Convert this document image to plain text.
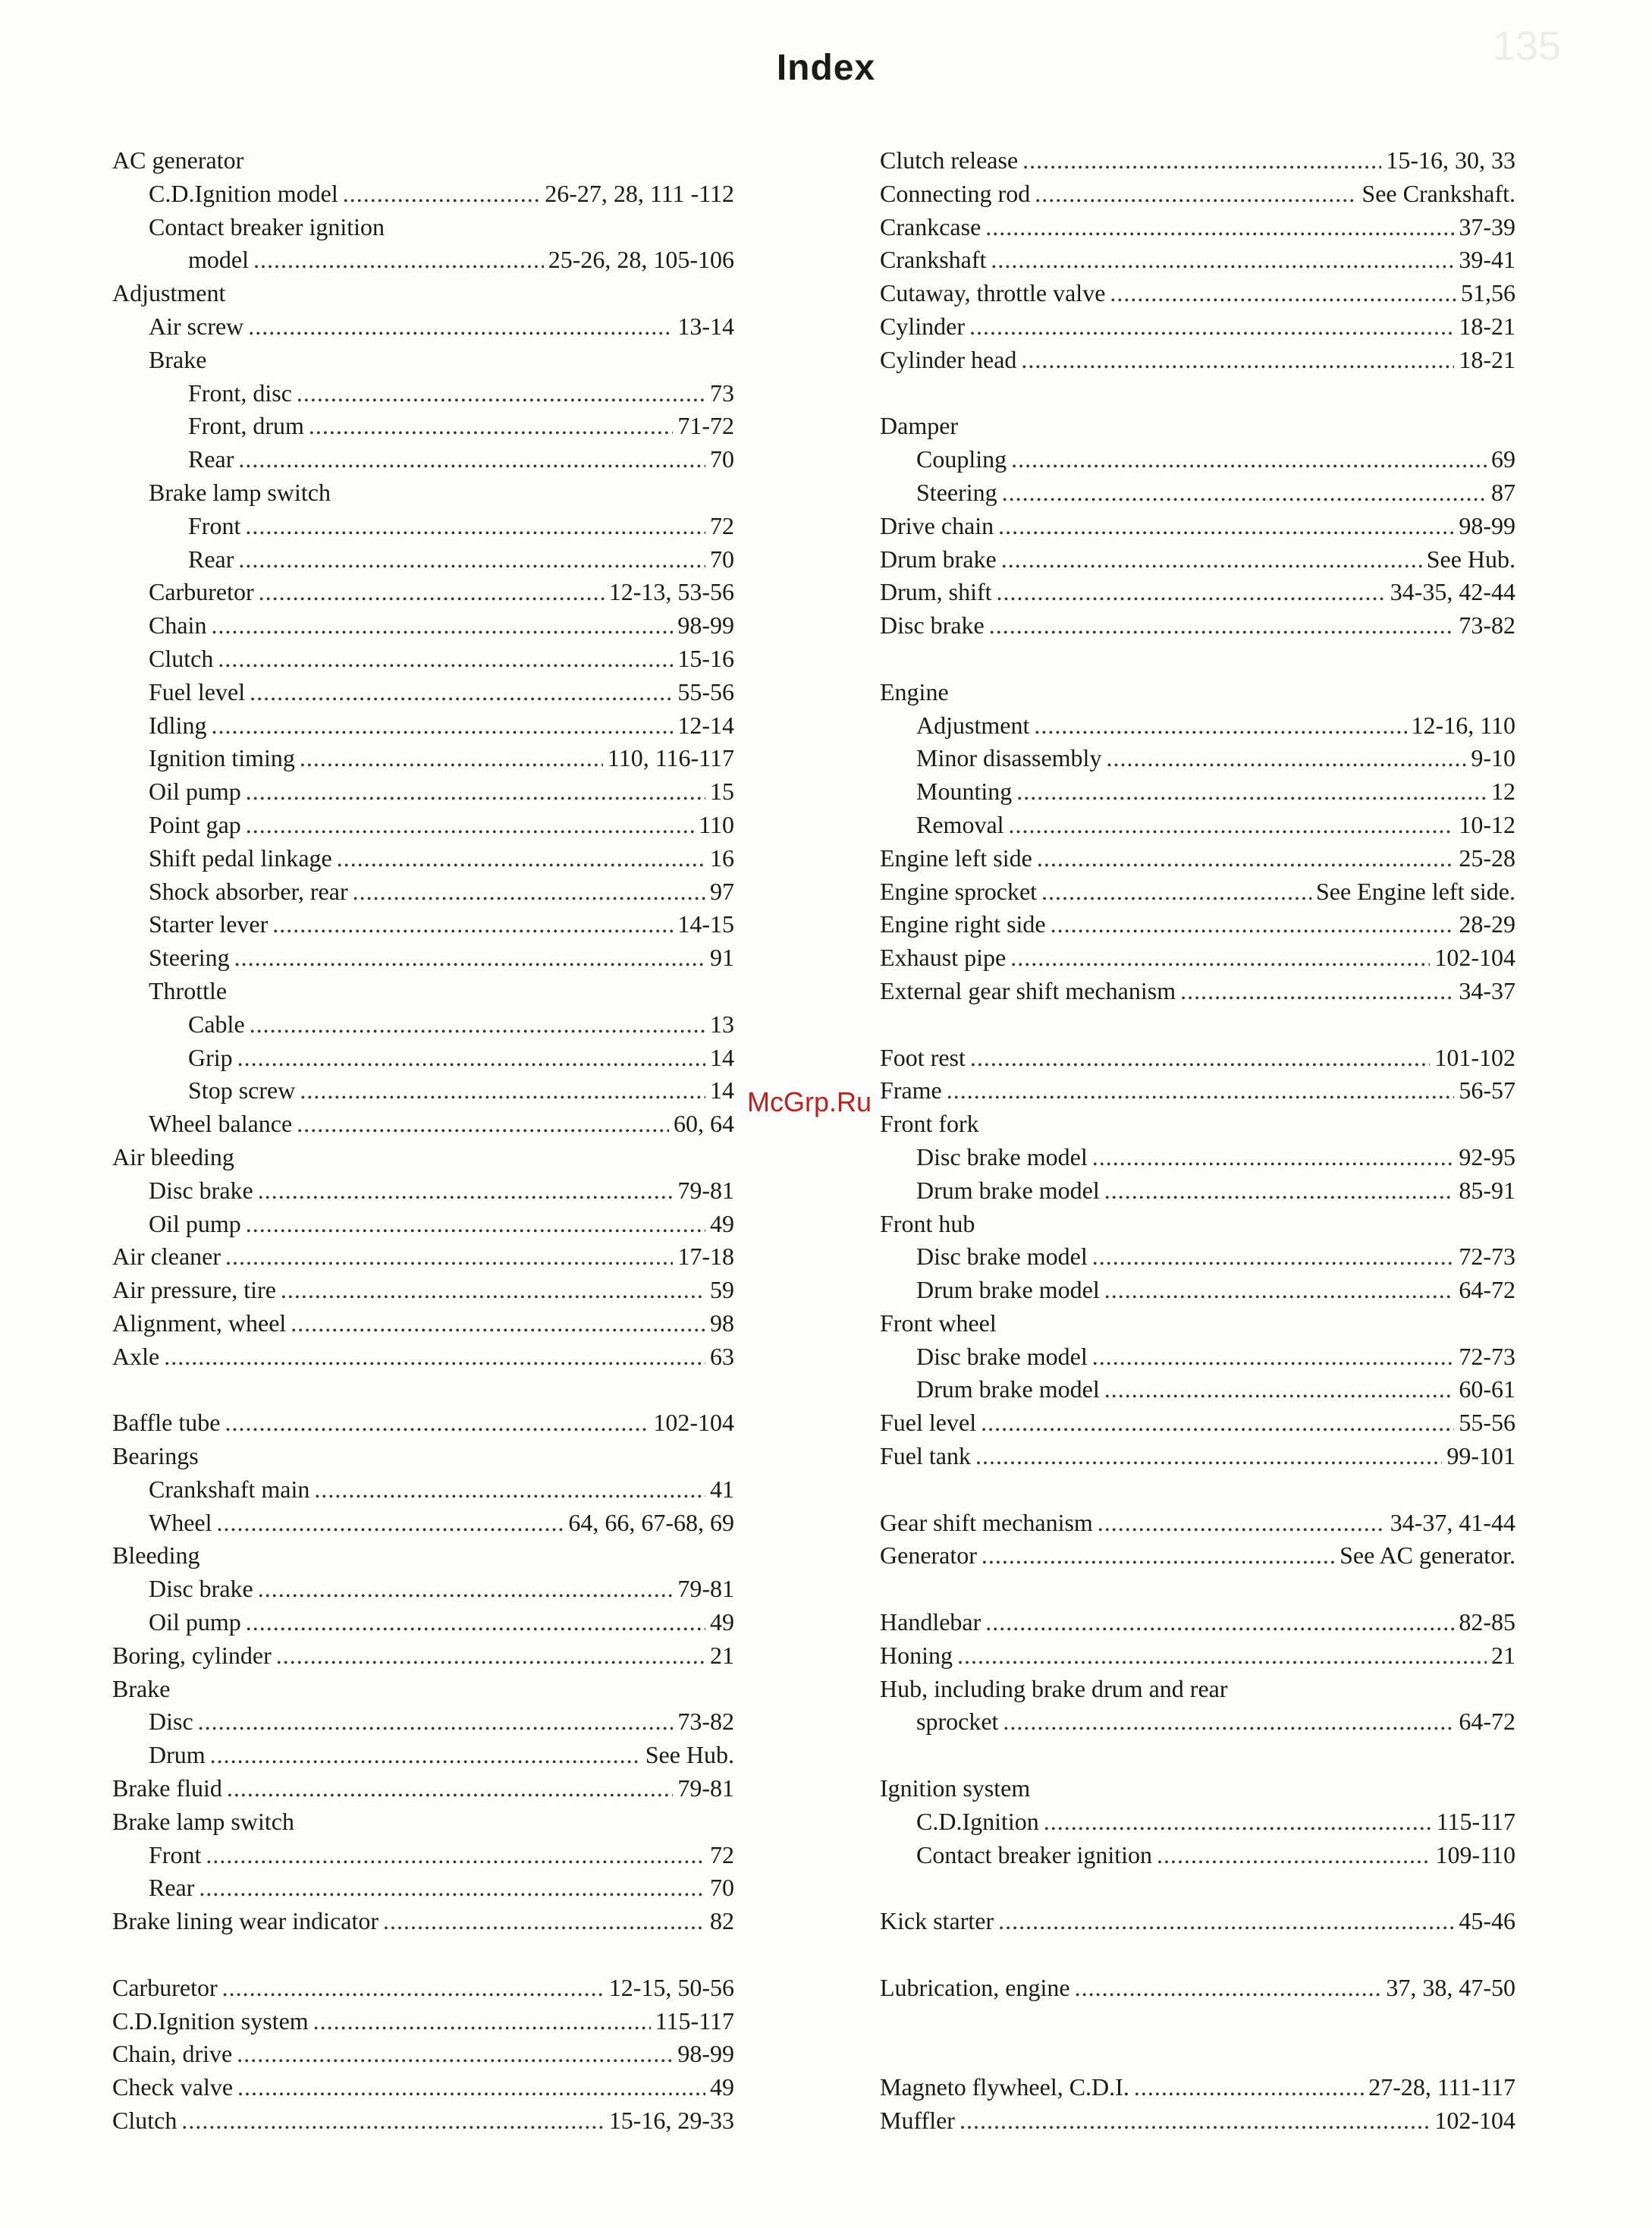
135
Index
AC generator
C.D.Ignition model .....	26-27, 28, 111 -112
Contact breaker ignition
model .....	25-26, 28, 105-106
Adjustment
Air screw .....	13-14
Brake
Front, disc .....	73
Front, drum .....	71-72
Rear .....	70
Brake lamp switch
Front .....	72
Rear .....	70
Carburetor .....	12-13, 53-56
Chain .....	98-99
Clutch .....	15-16
Fuel level .....	55-56
Idling .....	12-14
Ignition timing .....	110, 116-117
Oil pump .....	15
Point gap .....	110
Shift pedal linkage .....	16
Shock absorber, rear .....	97
Starter lever .....	14-15
Steering .....	91
Throttle
Cable .....	13
Grip .....	14
Stop screw .....	14
Wheel balance .....	60, 64
Air bleeding
Disc brake .....	79-81
Oil pump .....	49
Air cleaner .....	17-18
Air pressure, tire .....	59
Alignment, wheel .....	98
Axle .....	63
Baffle tube .....	102-104
Bearings
Crankshaft main .....	41
Wheel .....	64, 66, 67-68, 69
Bleeding
Disc brake .....	79-81
Oil pump .....	49
Boring, cylinder .....	21
Brake
Disc .....	73-82
Drum .....	See Hub.
Brake fluid .....	79-81
Brake lamp switch
Front .....	72
Rear .....	70
Brake lining wear indicator .....	82
Carburetor .....	12-15, 50-56
C.D.Ignition system .....	115-117
Chain, drive .....	98-99
Check valve .....	49
Clutch .....	15-16, 29-33
Clutch release .....	15-16, 30, 33
Connecting rod .....	See Crankshaft.
Crankcase .....	37-39
Crankshaft .....	39-41
Cutaway, throttle valve .....	51,56
Cylinder .....	18-21
Cylinder head .....	18-21
Damper
Coupling .....	69
Steering .....	87
Drive chain .....	98-99
Drum brake .....	See Hub.
Drum, shift .....	34-35, 42-44
Disc brake .....	73-82
Engine
Adjustment .....	12-16, 110
Minor disassembly .....	9-10
Mounting .....	12
Removal .....	10-12
Engine left side .....	25-28
Engine sprocket .....	See Engine left side.
Engine right side .....	28-29
Exhaust pipe .....	102-104
External gear shift mechanism .....	34-37
Foot rest .....	101-102
Frame .....	56-57
Front fork
Disc brake model .....	92-95
Drum brake model .....	85-91
Front hub
Disc brake model .....	72-73
Drum brake model .....	64-72
Front wheel
Disc brake model .....	72-73
Drum brake model .....	60-61
Fuel level .....	55-56
Fuel tank .....	99-101
Gear shift mechanism .....	34-37, 41-44
Generator .....	See AC generator.
Handlebar .....	82-85
Honing .....	21
Hub, including brake drum and rear
sprocket .....	64-72
Ignition system
C.D.Ignition .....	115-117
Contact breaker ignition .....	109-110
Kick starter .....	45-46
Lubrication, engine .....	37, 38, 47-50
Magneto flywheel, C.D.I. .....	27-28, 111-117
Muffler .....	102-104
McGrp.Ru
